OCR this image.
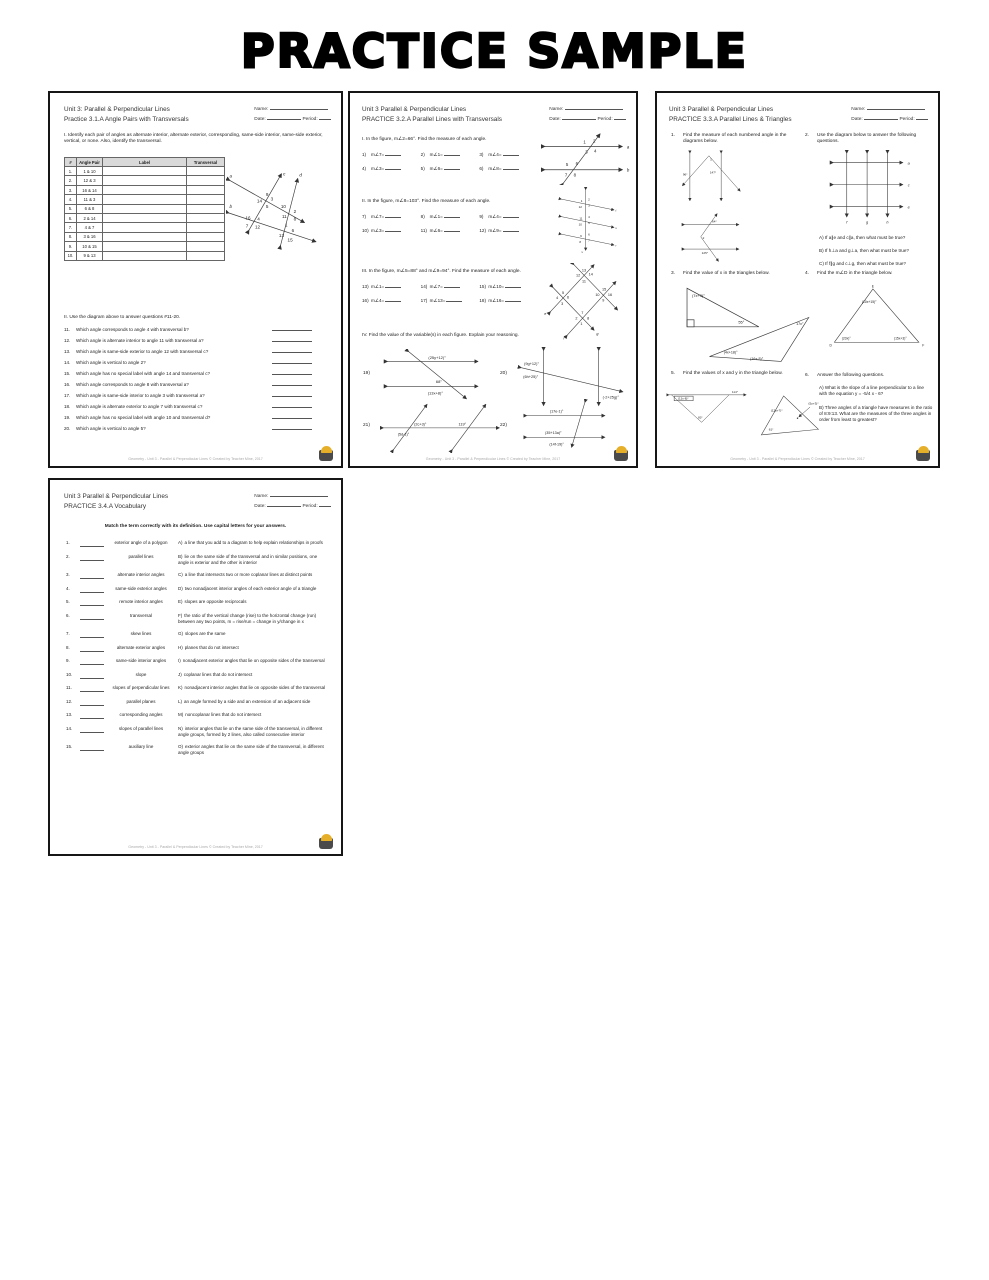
PRACTICE SAMPLE
Unit 3: Parallel & Perpendicular Lines
Practice 3.1.A Angle Pairs with Transversals
Name:
Date:	Period:

I. Identify each pair of angles as alternate interior, alternate exterior, corresponding, same-side interior, same-side exterior, vertical, or none. Also, identify the transversal.

#	Angle Pair	Label	Transversal
1.	1 & 10		
2.	12 & 3		
3.	16 & 14		
4.	11 & 3		
5.	6 & 8		
6.	2 & 14		
7.	4 & 7		
8.	3 & 16		
9.	10 & 15		
10.	9 & 13		
a
b
c	d
9
14 3
5	10
2
11
8
16 4
7 12	1
6
13
15

II. Use the diagram above to answer questions #11-20.

11.	Which angle corresponds to angle 4 with transversal b?
12.	Which angle is alternate interior to angle 11 with transversal a?
13.	Which angle is same-side exterior to angle 12 with transversal c?
14.	Which angle is vertical to angle 2?
15.	Which angle has no special label with angle 14 and transversal c?
16.	Which angle corresponds to angle 8 with transversal a?
17.	Which angle is same-side interior to angle 3 with transversal a?
18.	Which angle is alternate exterior to angle 7 with transversal c?
19.	Which angle has no special label with angle 10 and transversal d?
20.	Which angle is vertical to angle 5?
Geometry - Unit 3 - Parallel & Perpendicular Lines © Created by Teacher Mine, 2017
Unit 3 Parallel & Perpendicular Lines
PRACTICE 3.2.A Parallel Lines with Transversals
Name:
Date:	Period:

I. In the figure, m∠2=66°. Find the measure of each angle.

1) m∠7=	2) m∠1=	3) m∠4=
4) m∠3=	5) m∠6=	6) m∠8=
a
b
1 2
3 4
5 6
7 8

II. In the figure, m∠8=103°. Find the measure of each angle.

7) m∠7=	8) m∠1=	9) m∠4=
10) m∠3=	11) m∠6=	12) m∠9=
t
s
r
v
1 2
12 3
11 4
10 5
9 6
8 7

III. In the figure, m∠5=88° and m∠9=94°. Find the measure of each angle.

13) m∠1=	14) m∠7=	15) m∠10=
16) m∠4=	17) m∠13=	18) m∠16=
e
f
g
13
12 14
11
5
4 6
3
15
10 16
9
7
2 8
1

IV. Find the value of the variable(s) in each figure. Explain your reasoning.

19)
(25y+12)°
68°
(13x+8)°
20)
(9g+12)°
(6h+25)°
(-2+25g)°
21)	(2c+3)°
(5d-1)°
119°	22)
(17e-1)°
(35+13a)°
(14f-19)°
Geometry - Unit 3 - Parallel & Perpendicular Lines © Created by Teacher Mine, 2017
Unit 3 Parallel & Perpendicular Lines
PRACTICE 3.3.A Parallel Lines & Triangles
Name:
Date:	Period:
1.	Find the measure of each numbered angle in the diagrams below.
1
96°
147°
2
64°
125°
2.	Use the diagram below to answer the following questions.
a
c
e
f	g	h
A) If a∥e and c∥a, then what must be true?
B) If h⊥a and g⊥a, then what must be true?
C) If f∥g and c⊥g, then what must be true?
3.	Find the value of x in the triangles below.
(7x+3)°
55°	17x°
(4x+18)°
(16x-5)°
4.	Find the m∠D in the triangle below.
E
D	F
(10x+15)°
(20x)°	(15x+3)°
5.	Find the values of x and y in the triangle below.
(13x-8)°
114°
83°
(12y+7)°
(5y+3)°
61°
6.	Answer the following questions.
A) What is the slope of a line perpendicular to a line with the equation y = -5/4 x - 6?
B) Three angles of a triangle have measures in the ratio of 8:9:13. What are the measures of the three angles in order from least to greatest?
Geometry - Unit 3 - Parallel & Perpendicular Lines © Created by Teacher Mine, 2017
Unit 3 Parallel & Perpendicular Lines
PRACTICE 3.4.A Vocabulary
Name:
Date:	Period:

Match the term correctly with its definition. Use capital letters for your answers.

1.	exterior angle of a polygon	A) a line that you add to a diagram to help explain relationships in proofs
2.	parallel lines	B) lie on the same side of the transversal and in similar positions, one angle is exterior and the other is interior
3.	alternate interior angles	C) a line that intersects two or more coplanar lines at distinct points
4.	same-side exterior angles	D) two nonadjacent interior angles of each exterior angle of a triangle
5.	remote interior angles	E) slopes are opposite reciprocals
6.	transversal	F) the ratio of the vertical change (rise) to the horizontal change (run) between any two points, m = rise/run = change in y/change in x
7.	skew lines	G) slopes are the same
8.	alternate exterior angles	H) planes that do not intersect
9.	same-side interior angles	I) nonadjacent exterior angles that lie on opposite sides of the transversal
10.	slope	J) coplanar lines that do not intersect
11.	slopes of perpendicular lines	K) nonadjacent interior angles that lie on opposite sides of the transversal
12.	parallel planes	L) an angle formed by a side and an extension of an adjacent side
13.	corresponding angles	M) noncoplanar lines that do not intersect
14.	slopes of parallel lines	N) interior angles that lie on the same side of the transversal, in different angle groups, formed by 2 lines, also called consecutive interior
15.	auxiliary line	O) exterior angles that lie on the same side of the transversal, in different angle groups
Geometry - Unit 3 - Parallel & Perpendicular Lines © Created by Teacher Mine, 2017
